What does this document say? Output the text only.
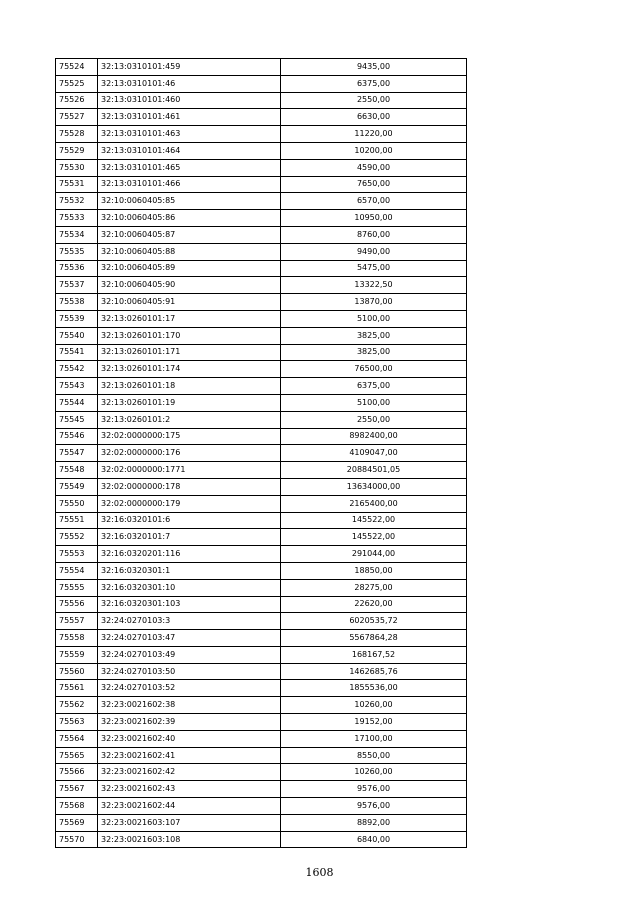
75524	32:13:0310101:459	9435,00
75525	32:13:0310101:46	6375,00
75526	32:13:0310101:460	2550,00
75527	32:13:0310101:461	6630,00
75528	32:13:0310101:463	11220,00
75529	32:13:0310101:464	10200,00
75530	32:13:0310101:465	4590,00
75531	32:13:0310101:466	7650,00
75532	32:10:0060405:85	6570,00
75533	32:10:0060405:86	10950,00
75534	32:10:0060405:87	8760,00
75535	32:10:0060405:88	9490,00
75536	32:10:0060405:89	5475,00
75537	32:10:0060405:90	13322,50
75538	32:10:0060405:91	13870,00
75539	32:13:0260101:17	5100,00
75540	32:13:0260101:170	3825,00
75541	32:13:0260101:171	3825,00
75542	32:13:0260101:174	76500,00
75543	32:13:0260101:18	6375,00
75544	32:13:0260101:19	5100,00
75545	32:13:0260101:2	2550,00
75546	32:02:0000000:175	8982400,00
75547	32:02:0000000:176	4109047,00
75548	32:02:0000000:1771	20884501,05
75549	32:02:0000000:178	13634000,00
75550	32:02:0000000:179	2165400,00
75551	32:16:0320101:6	145522,00
75552	32:16:0320101:7	145522,00
75553	32:16:0320201:116	291044,00
75554	32:16:0320301:1	18850,00
75555	32:16:0320301:10	28275,00
75556	32:16:0320301:103	22620,00
75557	32:24:0270103:3	6020535,72
75558	32:24:0270103:47	5567864,28
75559	32:24:0270103:49	168167,52
75560	32:24:0270103:50	1462685,76
75561	32:24:0270103:52	1855536,00
75562	32:23:0021602:38	10260,00
75563	32:23:0021602:39	19152,00
75564	32:23:0021602:40	17100,00
75565	32:23:0021602:41	8550,00
75566	32:23:0021602:42	10260,00
75567	32:23:0021602:43	9576,00
75568	32:23:0021602:44	9576,00
75569	32:23:0021603:107	8892,00
75570	32:23:0021603:108	6840,00
1608
